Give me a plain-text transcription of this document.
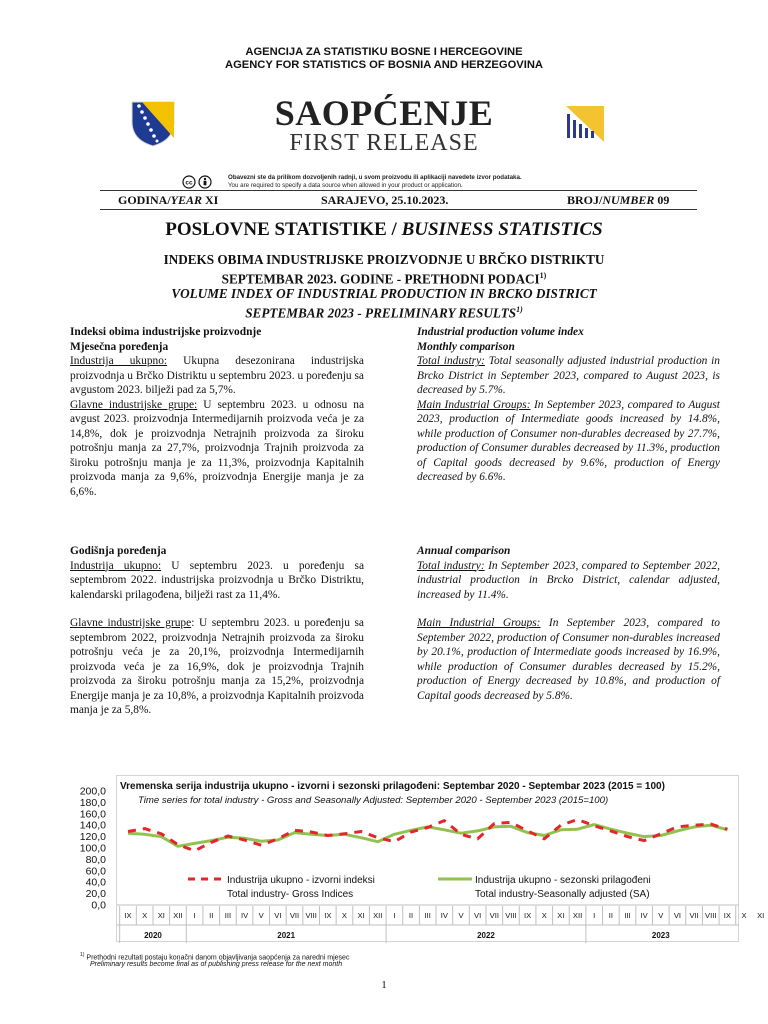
AGENCIJA ZA STATISTIKU BOSNE I HERCEGOVINE
AGENCY FOR STATISTICS OF BOSNIA AND HERZEGOVINA
SAOPĆENJE
FIRST RELEASE
cc
Obavezni ste da prilikom dozvoljenih radnji, u svom proizvodu ili aplikaciji navedete izvor podataka.
You are required to specify a data source when allowed in your product or application.
GODINA/YEAR XI	SARAJEVO, 25.10.2023.	BROJ/NUMBER 09
POSLOVNE STATISTIKE / BUSINESS STATISTICS
INDEKS OBIMA INDUSTRIJSKE PROIZVODNJE U BRČKO DISTRIKTU
SEPTEMBAR 2023. GODINE - PRETHODNI PODACI$^{1)}$
VOLUME INDEX OF INDUSTRIAL PRODUCTION IN BRCKO DISTRICT
SEPTEMBAR 2023 - PRELIMINARY RESULTS$^{1)}$
Indeksi obima industrijske proizvodnje
Mjesečna poređenja

Industrija ukupno: Ukupna desezonirana industrijska proizvodnja u Brčko Distriktu u septembru 2023. u poređenju sa avgustom 2023. bilježi pad za 5,7%.

Glavne industrijske grupe: U septembru 2023. u odnosu na avgust 2023. proizvodnja Intermedijarnih proizvoda veća je za 14,8%, dok je proizvodnja Netrajnih proizvoda za široku potrošnju manja za 27,7%, proizvodnja Trajnih proizvoda za široku potrošnju manja je za 11,3%, proizvodnja Kapitalnih proizvoda manja za 9,6%, proizvodnja Energije manja je za 6,6%.

Industrial production volume index
Monthly comparison

Total industry: Total seasonally adjusted industrial production in Brcko District in September 2023, compared to August 2023, is decreased by 5.7%.

Main Industrial Groups: In September 2023, compared to August 2023, production of Intermediate goods increased by 14.8%, while production of Consumer non-durables decreased by 27.7%, production of Consumer durables decreased by 11.3%, production of Capital goods decreased by 9.6%, production of Energy decreased by 6.6%.

Godišnja poređenja

Industrija ukupno: U septembru 2023. u poređenju sa septembrom 2022. industrijska proizvodnja u Brčko Distriktu, kalendarski prilagođena, bilježi rast za 11,4%.

Glavne industrijske grupe: U septembru 2023. u poređenju sa septembrom 2022, proizvodnja Netrajnih proizvoda za široku potrošnju veća je za 20,1%, proizvodnja Intermedijarnih proizvoda veća je za 16,9%, dok je proizvodnja Trajnih proizvoda za široku potrošnju manja za 15,2%, proizvodnja Energije manja je za 10,8%, a proizvodnja Kapitalnih proizvoda manja je za 5,8%.

Annual comparison

Total industry: In September 2023, compared to September 2022, industrial production in Brcko District, calendar adjusted, increased by 11.4%.

Main Industrial Groups: In September 2023, compared to September 2022, production of Consumer non-durables increased by 20.1%, production of Intermediate goods increased by 16.9%, while production of Consumer durables decreased by 15.2%, production of Energy decreased by 10.8%, and production of Capital goods decreased by 5.8%.

200,0
180,0
160,0
140,0
120,0
100,0
80,0
60,0
40,0
20,0
0,0
IX X XI XII I II III IV V VI VII VIII IX X XI XII I II III IV V VI VII VIII IX X XI XII I II III IV V VI VII VIII IX X XI
2020	2021	2022	2023
Vremenska serija industrija ukupno - izvorni i sezonski prilagođeni: Septembar 2020 - Septembar 2023 (2015 = 100)
Time series for total industry - Gross and Seasonally Adjusted: September 2020 - September 2023 (2015=100)
Industrija ukupno - izvorni indeksi
Total industry- Gross Indices
Industrija ukupno - sezonski prilagođeni
Total industry-Seasonally adjusted (SA)
$^{1)}$ Prethodni rezultati postaju konačni danom objavljivanja saopćenja za naredni mjesec
Preliminary results become final as of publishing press release for the next month
1
